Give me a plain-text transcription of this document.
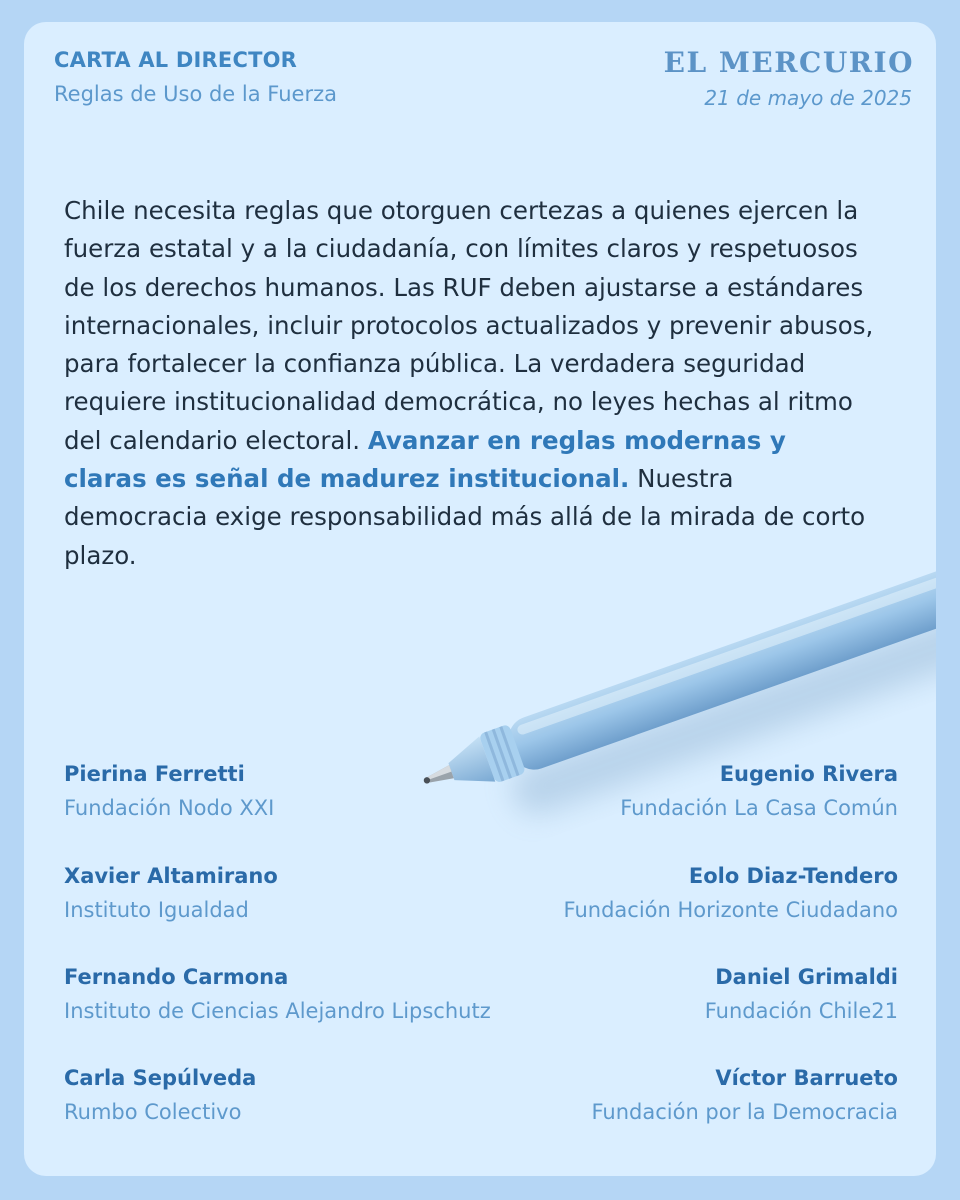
CARTA AL DIRECTOR
Reglas de Uso de la Fuerza
EL MERCURIO
21 de mayo de 2025

Chile necesita reglas que otorguen certezas a quienes ejercen la fuerza estatal y a la ciudadanía, con límites claros y respetuosos de los derechos humanos. Las RUF deben ajustarse a estándares internacionales, incluir protocolos actualizados y prevenir abusos, para fortalecer la confianza pública. La verdadera seguridad requiere institucionalidad democrática, no leyes hechas al ritmo del calendario electoral. Avanzar en reglas modernas y claras es señal de madurez institucional. Nuestra democracia exige responsabilidad más allá de la mirada de corto plazo.

Pierina Ferretti
Fundación Nodo XXI
Xavier Altamirano
Instituto Igualdad
Fernando Carmona
Instituto de Ciencias Alejandro Lipschutz
Carla Sepúlveda
Rumbo Colectivo
Eugenio Rivera
Fundación La Casa Común
Eolo Diaz-Tendero
Fundación Horizonte Ciudadano
Daniel Grimaldi
Fundación Chile21
Víctor Barrueto
Fundación por la Democracia
